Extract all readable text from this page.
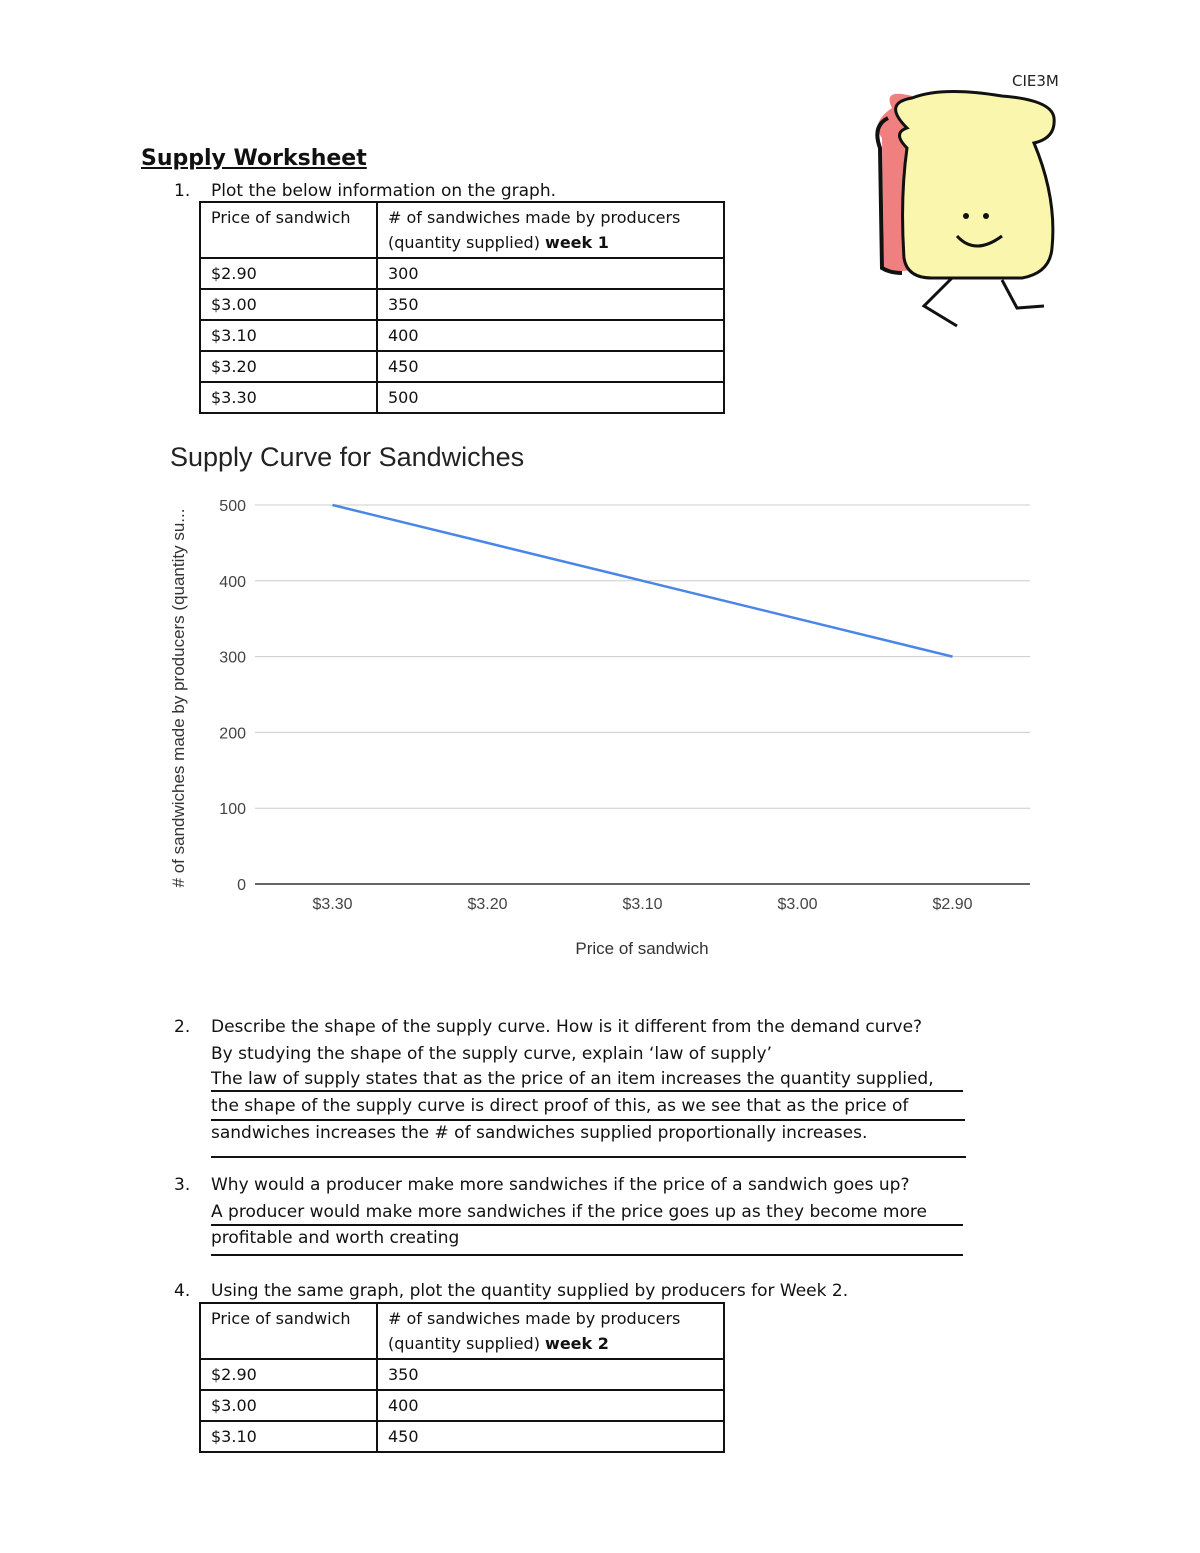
CIE3M
Supply Worksheet
1. Plot the below information on the graph.
Price of sandwich	# of sandwiches made by producers
(quantity supplied) week 1
$2.90	300
$3.00	350
$3.10	400
$3.20	450
$3.30	500
Supply Curve for Sandwiches
0
100
200
300
400
500
$3.30	$3.20	$3.10	$3.00	$2.90
Price of sandwich
# of sandwiches made by producers (quantity su...
2. Describe the shape of the supply curve. How is it different from the demand curve?
By studying the shape of the supply curve, explain ‘law of supply’
The law of supply states that as the price of an item increases the quantity supplied,
the shape of the supply curve is direct proof of this, as we see that as the price of
sandwiches increases the # of sandwiches supplied proportionally increases.
3. Why would a producer make more sandwiches if the price of a sandwich goes up?
A producer would make more sandwiches if the price goes up as they become more
profitable and worth creating
4. Using the same graph, plot the quantity supplied by producers for Week 2.
Price of sandwich	# of sandwiches made by producers
(quantity supplied) week 2
$2.90	350
$3.00	400
$3.10	450
